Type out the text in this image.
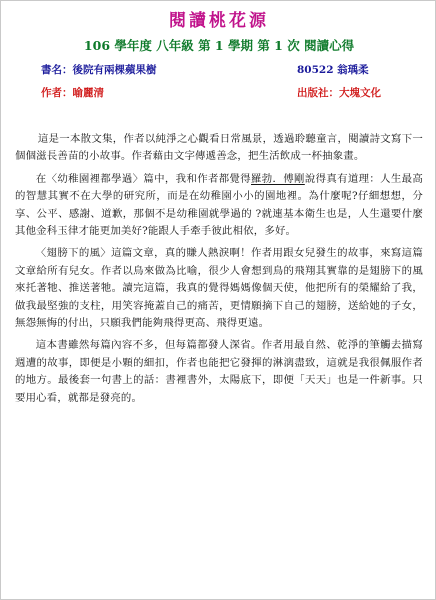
閱讀桃花源
106 學年度 八年級 第 1 學期 第 1 次 閱讀心得
書名：後院有兩棵蘋果樹	80522 翁瑀柔
作者：喻麗清	出版社：大塊文化

這是一本散文集，作者以純淨之心觀看日常風景，透過聆聽童言，閱讀詩文寫下一個個滋長善苗的小故事。作者藉由文字傳遞善念，把生活飲成一杯抽象畫。

在〈幼稚園裡都學過〉篇中，我和作者都覺得羅勃．傅剛說得真有道理：人生最高的智慧其實不在大學的研究所，而是在幼稚園小小的園地裡。為什麼呢?仔細想想，分享、公平、感謝、道歉，那個不是幼稚園就學過的 ?就連基本衛生也是，人生還要什麼其他金科玉律才能更加美好?能跟人手牽手彼此相依，多好。

〈翅膀下的風〉這篇文章，真的賺人熱淚啊！作者用跟女兒發生的故事，來寫這篇文章給所有兒女。作者以鳥來做為比喻，很少人會想到鳥的飛翔其實靠的是翅膀下的風來托著牠、推送著牠。讀完這篇，我真的覺得媽媽像個天使，他把所有的榮耀給了我，做我最堅強的支柱，用笑容掩蓋自己的痛苦，更情願摘下自己的翅膀，送給她的子女，無怨無悔的付出，只願我們能夠飛得更高、飛得更遠。

這本書雖然每篇內容不多，但每篇都發人深省。作者用最自然、乾淨的筆觸去描寫週遭的故事，即便是小顆的細扣，作者也能把它發揮的淋漓盡致，這就是我很佩服作者的地方。最後套一句書上的話：書裡書外，太陽底下，即便「天天」也是一件新事。只要用心看，就都是發亮的。
